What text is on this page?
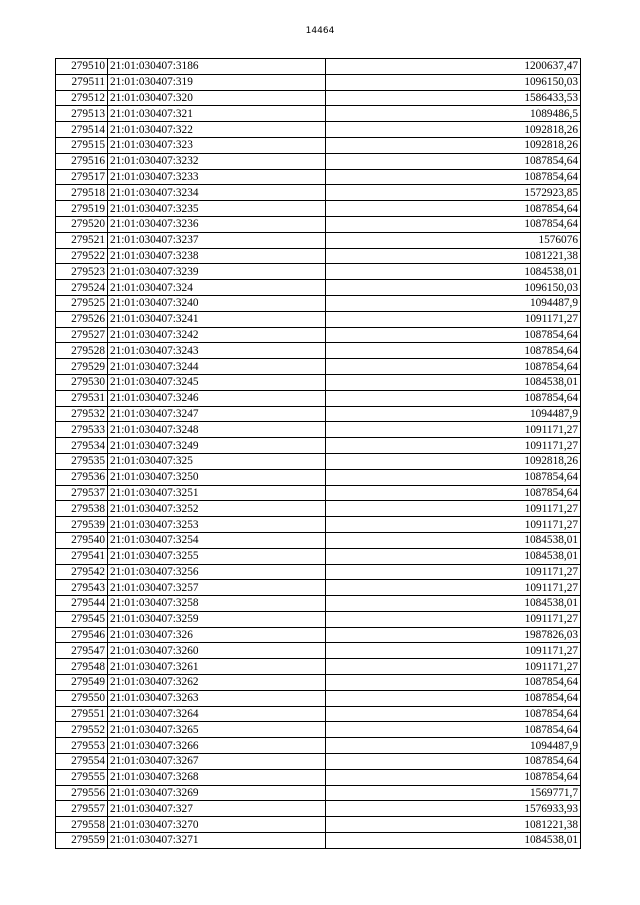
14464
279510	21:01:030407:3186	1200637,47
279511	21:01:030407:319	1096150,03
279512	21:01:030407:320	1586433,53
279513	21:01:030407:321	1089486,5
279514	21:01:030407:322	1092818,26
279515	21:01:030407:323	1092818,26
279516	21:01:030407:3232	1087854,64
279517	21:01:030407:3233	1087854,64
279518	21:01:030407:3234	1572923,85
279519	21:01:030407:3235	1087854,64
279520	21:01:030407:3236	1087854,64
279521	21:01:030407:3237	1576076
279522	21:01:030407:3238	1081221,38
279523	21:01:030407:3239	1084538,01
279524	21:01:030407:324	1096150,03
279525	21:01:030407:3240	1094487,9
279526	21:01:030407:3241	1091171,27
279527	21:01:030407:3242	1087854,64
279528	21:01:030407:3243	1087854,64
279529	21:01:030407:3244	1087854,64
279530	21:01:030407:3245	1084538,01
279531	21:01:030407:3246	1087854,64
279532	21:01:030407:3247	1094487,9
279533	21:01:030407:3248	1091171,27
279534	21:01:030407:3249	1091171,27
279535	21:01:030407:325	1092818,26
279536	21:01:030407:3250	1087854,64
279537	21:01:030407:3251	1087854,64
279538	21:01:030407:3252	1091171,27
279539	21:01:030407:3253	1091171,27
279540	21:01:030407:3254	1084538,01
279541	21:01:030407:3255	1084538,01
279542	21:01:030407:3256	1091171,27
279543	21:01:030407:3257	1091171,27
279544	21:01:030407:3258	1084538,01
279545	21:01:030407:3259	1091171,27
279546	21:01:030407:326	1987826,03
279547	21:01:030407:3260	1091171,27
279548	21:01:030407:3261	1091171,27
279549	21:01:030407:3262	1087854,64
279550	21:01:030407:3263	1087854,64
279551	21:01:030407:3264	1087854,64
279552	21:01:030407:3265	1087854,64
279553	21:01:030407:3266	1094487,9
279554	21:01:030407:3267	1087854,64
279555	21:01:030407:3268	1087854,64
279556	21:01:030407:3269	1569771,7
279557	21:01:030407:327	1576933,93
279558	21:01:030407:3270	1081221,38
279559	21:01:030407:3271	1084538,01
